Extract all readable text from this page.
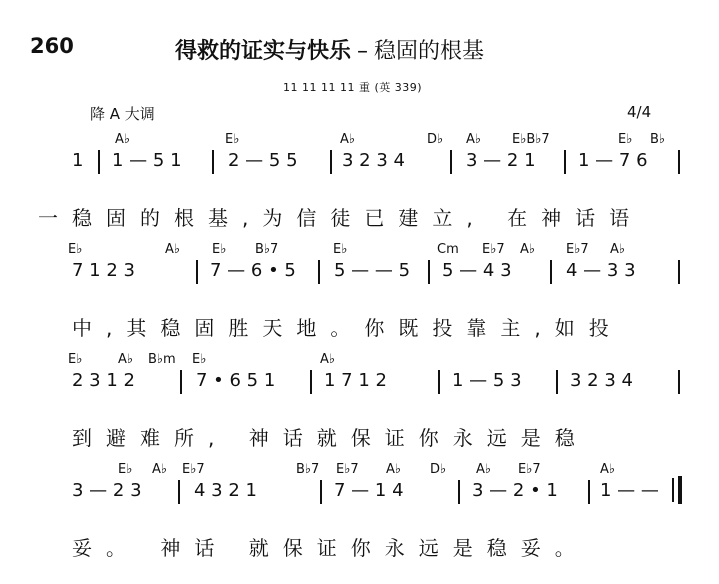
260	得救的证实与快乐 – 稳固的根基
11 11 11 11 重 (英 339)
降 A 大调	4/4
A♭	E♭	A♭	D♭ A♭ E♭B♭7	E♭ B♭
1 1 — 5 1	2 — 5 5 3 2 3 4	3 — 2 1 1 — 7 6
一稳固的根基,为信徒已建立, 在神话语
E♭	A♭ E♭ B♭7	E♭	Cm E♭7 A♭ E♭7 A♭
7 1 2 3	7 — 6 • 5 5 — — 5 5 — 4 3	4 — 3 3
中,其稳固胜天地。你既投靠主,如投
E♭	A♭ B♭m E♭	A♭
2 3 1 2	7 • 6 5 1	1 7 1 2	1 — 5 3	3 2 3 4
到避难所, 神话就保证你永远是稳
E♭ A♭ E♭7	B♭7 E♭7 A♭ D♭ A♭ E♭7	A♭
3 — 2 3	4 3 2 1	7 — 1 4	3 — 2 • 1 1 — —
妥。 神话 就保证你永远是稳妥。
